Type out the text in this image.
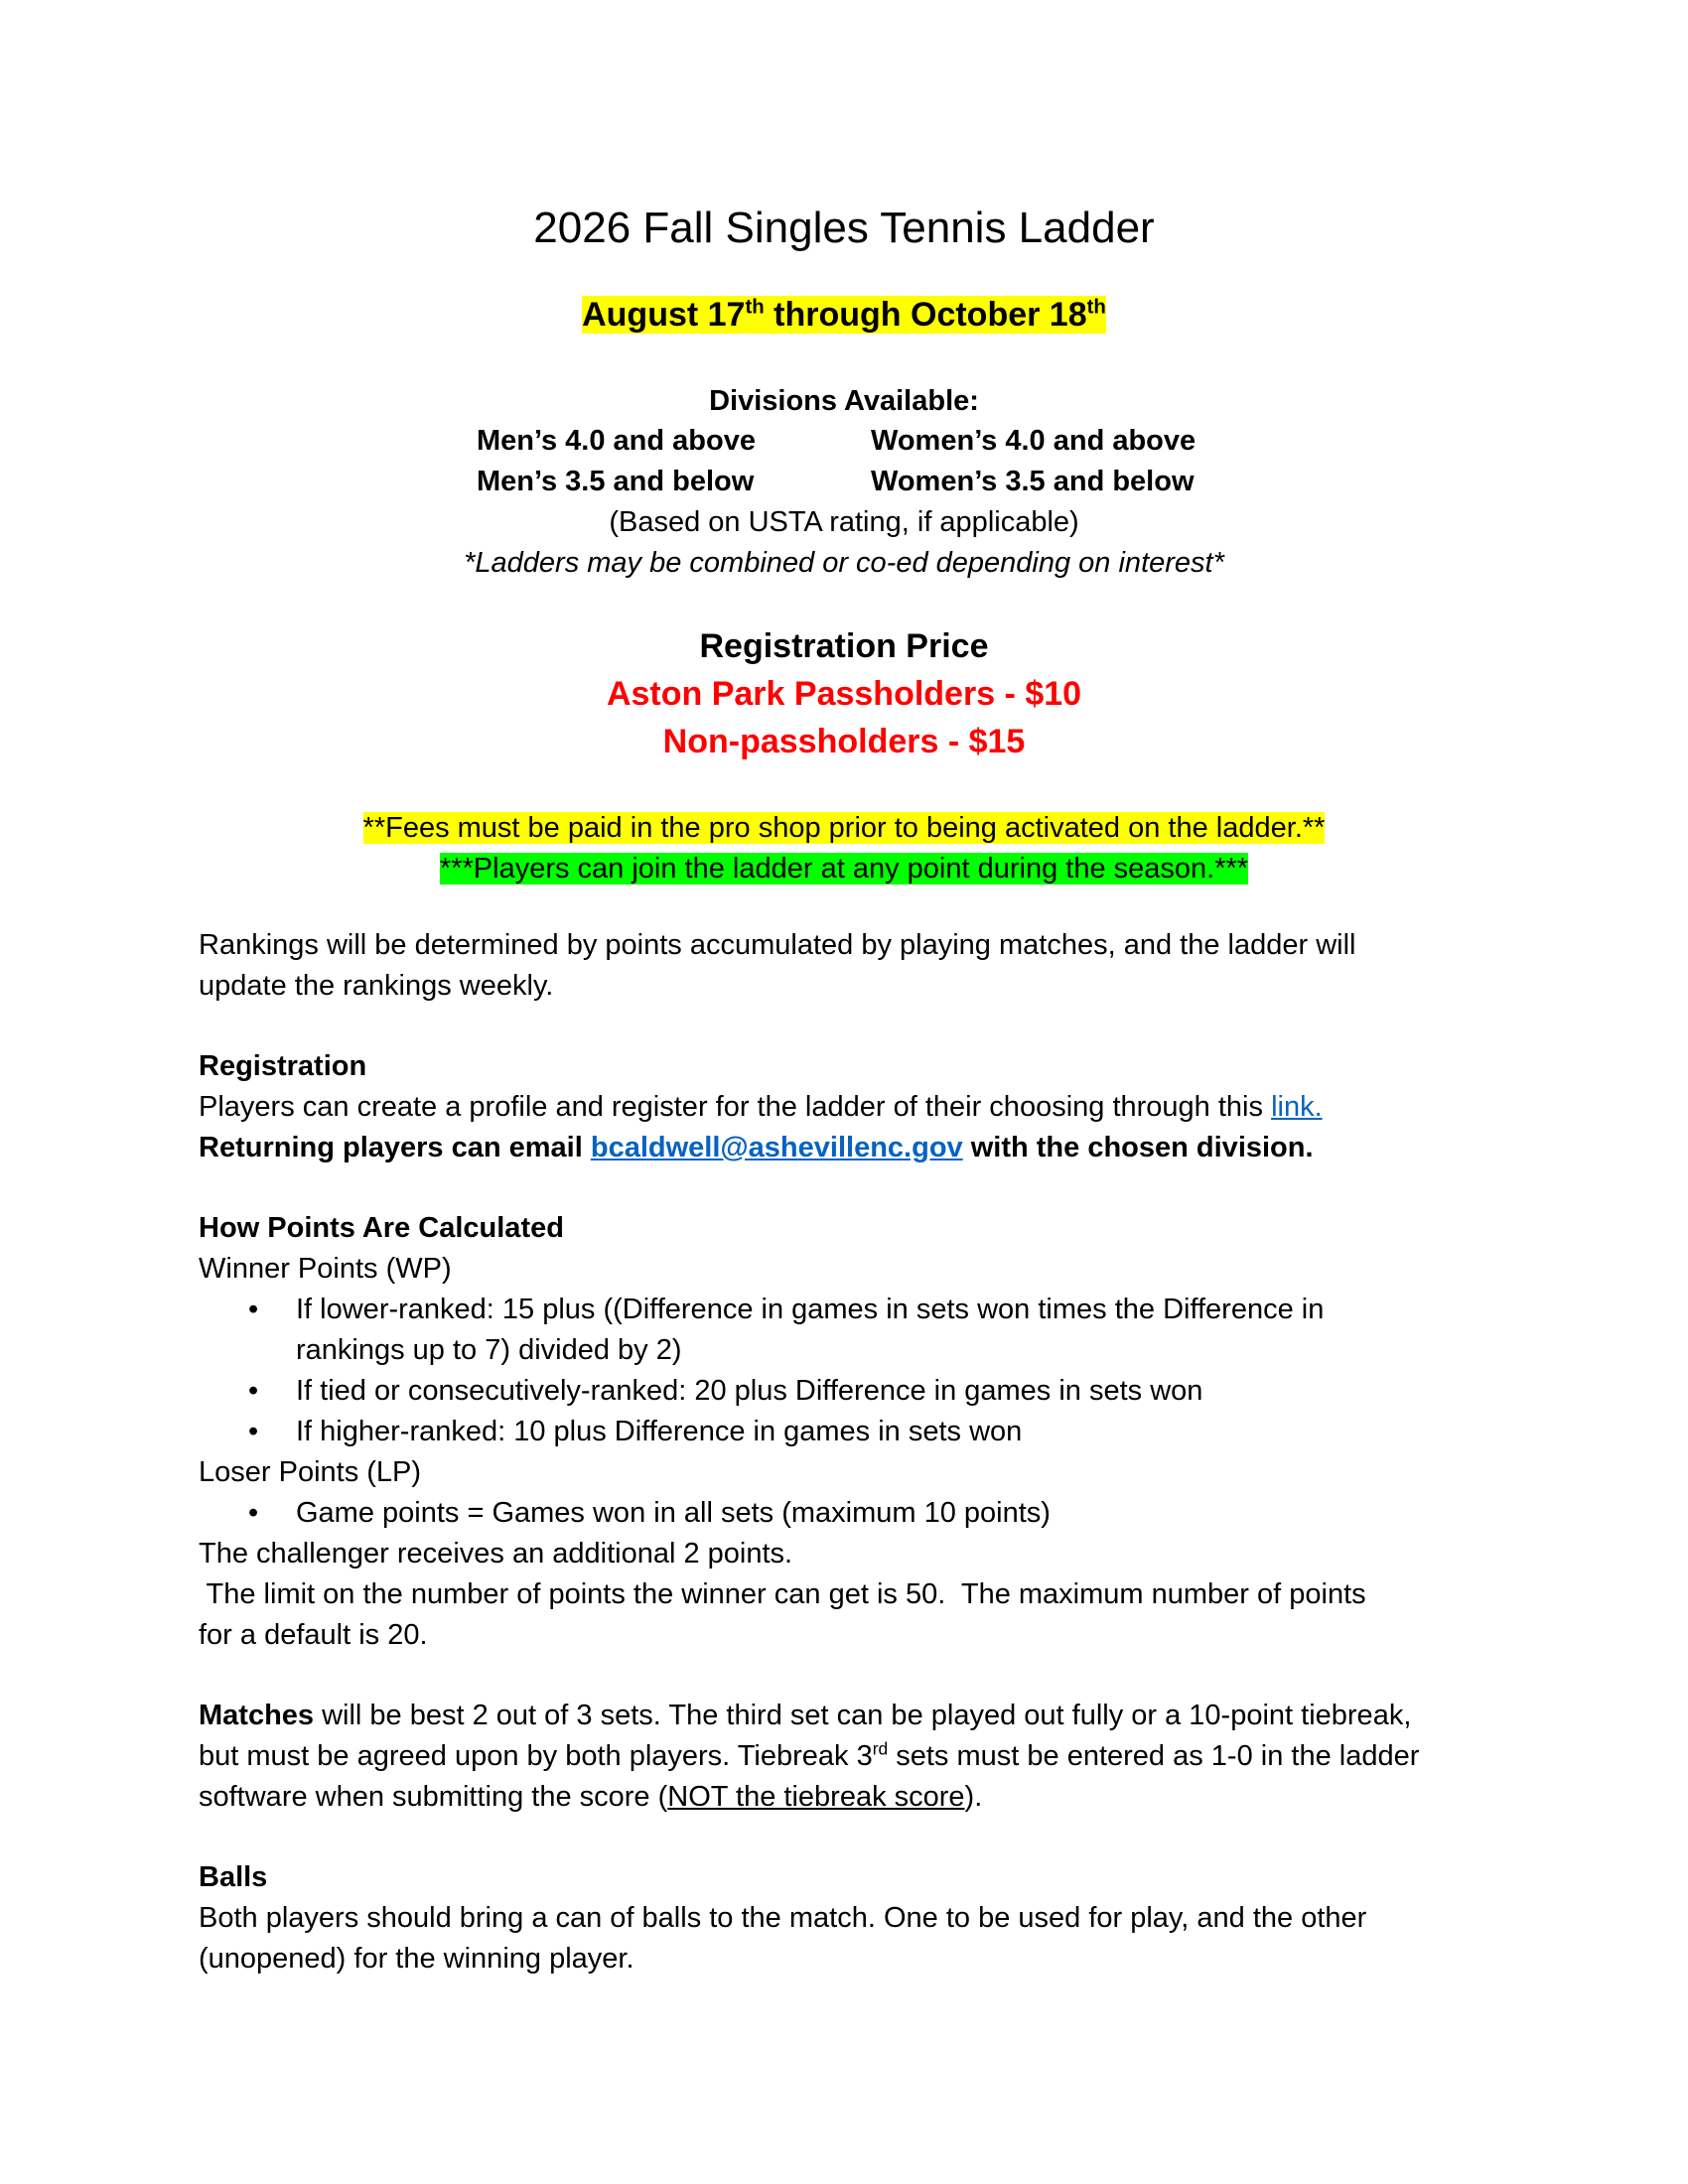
2026 Fall Singles Tennis Ladder
August 17th through October 18th
Divisions Available:
Men’s 4.0 and above	Women’s 4.0 and above
Men’s 3.5 and below	Women’s 3.5 and below
(Based on USTA rating, if applicable)
*Ladders may be combined or co-ed depending on interest*
Registration Price
Aston Park Passholders - $10
Non-passholders - $15
**Fees must be paid in the pro shop prior to being activated on the ladder.**
***Players can join the ladder at any point during the season.***
Rankings will be determined by points accumulated by playing matches, and the ladder will
update the rankings weekly.
Registration
Players can create a profile and register for the ladder of their choosing through this link.
Returning players can email bcaldwell@ashevillenc.gov with the chosen division.
How Points Are Calculated
Winner Points (WP)
• If lower-ranked: 15 plus ((Difference in games in sets won times the Difference in
rankings up to 7) divided by 2)
• If tied or consecutively-ranked: 20 plus Difference in games in sets won
• If higher-ranked: 10 plus Difference in games in sets won
Loser Points (LP)
• Game points = Games won in all sets (maximum 10 points)
The challenger receives an additional 2 points.
The limit on the number of points the winner can get is 50.  The maximum number of points
for a default is 20.
Matches will be best 2 out of 3 sets. The third set can be played out fully or a 10-point tiebreak,
but must be agreed upon by both players. Tiebreak 3rd sets must be entered as 1-0 in the ladder
software when submitting the score (NOT the tiebreak score).
Balls
Both players should bring a can of balls to the match. One to be used for play, and the other
(unopened) for the winning player.
